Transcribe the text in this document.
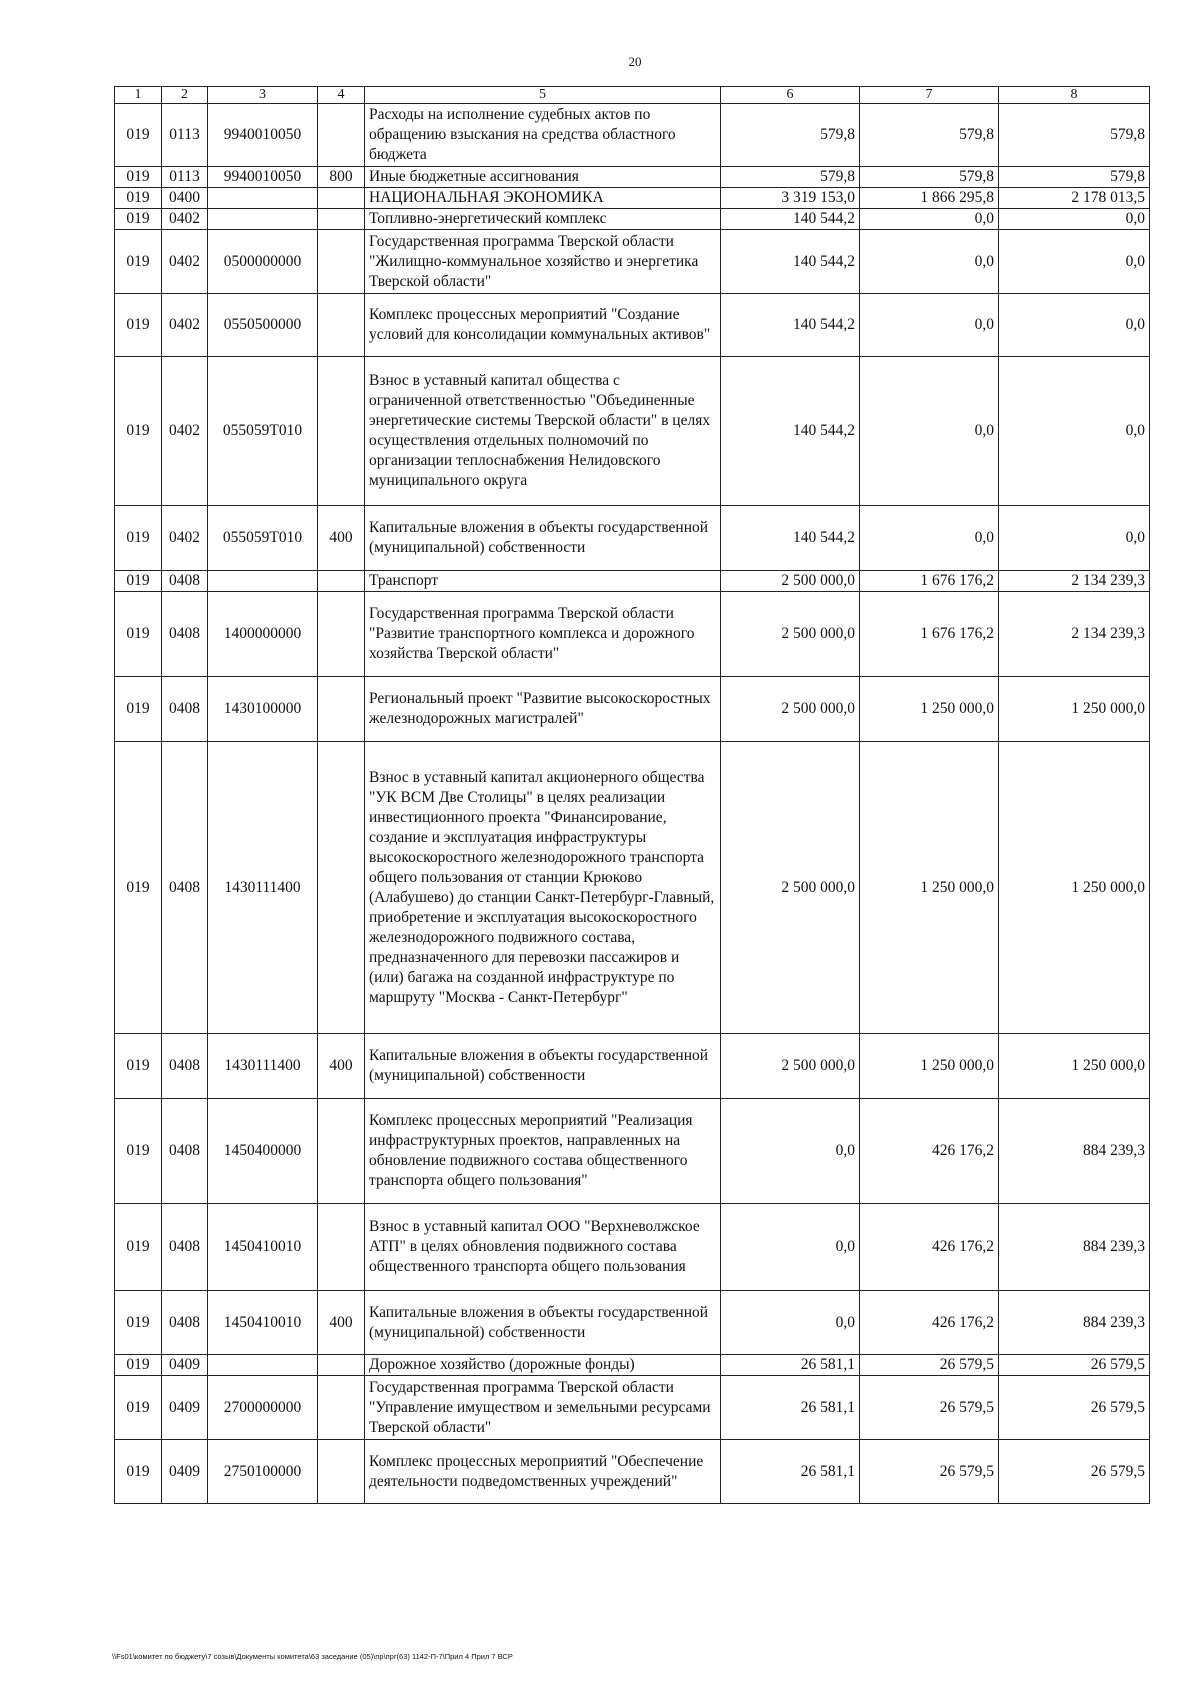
20
1	2	3	4	5	6	7	8
019	0113	9940010050		Расходы на исполнение судебных актов по обращению взыскания на средства областного бюджета	579,8	579,8	579,8
019	0113	9940010050	800	Иные бюджетные ассигнования	579,8	579,8	579,8
019	0400			НАЦИОНАЛЬНАЯ ЭКОНОМИКА	3 319 153,0	1 866 295,8	2 178 013,5
019	0402			Топливно-энергетический комплекс	140 544,2	0,0	0,0
019	0402	0500000000		Государственная программа Тверской области "Жилищно-коммунальное хозяйство и энергетика Тверской области"	140 544,2	0,0	0,0
019	0402	0550500000		Комплекс процессных мероприятий "Создание условий для консолидации коммунальных активов"	140 544,2	0,0	0,0
019	0402	055059Т010		Взнос в уставный капитал общества с ограниченной ответственностью "Объединенные энергетические системы Тверской области" в целях осуществления отдельных полномочий по организации теплоснабжения Нелидовского муниципального округа	140 544,2	0,0	0,0
019	0402	055059Т010	400	Капитальные вложения в объекты государственной (муниципальной) собственности	140 544,2	0,0	0,0
019	0408			Транспорт	2 500 000,0	1 676 176,2	2 134 239,3
019	0408	1400000000		Государственная программа Тверской области "Развитие транспортного комплекса и дорожного хозяйства Тверской области"	2 500 000,0	1 676 176,2	2 134 239,3
019	0408	1430100000		Региональный проект "Развитие высокоскоростных железнодорожных магистралей"	2 500 000,0	1 250 000,0	1 250 000,0
019	0408	1430111400		Взнос в уставный капитал акционерного общества "УК ВСМ Две Столицы" в целях реализации инвестиционного проекта "Финансирование, создание и эксплуатация инфраструктуры высокоскоростного железнодорожного транспорта общего пользования от станции Крюково (Алабушево) до станции Санкт-Петербург-Главный, приобретение и эксплуатация высокоскоростного железнодорожного подвижного состава, предназначенного для перевозки пассажиров и (или) багажа на созданной инфраструктуре по маршруту "Москва - Санкт-Петербург"	2 500 000,0	1 250 000,0	1 250 000,0
019	0408	1430111400	400	Капитальные вложения в объекты государственной (муниципальной) собственности	2 500 000,0	1 250 000,0	1 250 000,0
019	0408	1450400000		Комплекс процессных мероприятий "Реализация инфраструктурных проектов, направленных на обновление подвижного состава общественного транспорта общего пользования"	0,0	426 176,2	884 239,3
019	0408	1450410010		Взнос в уставный капитал ООО "Верхневолжское АТП" в целях обновления подвижного состава общественного транспорта общего пользования	0,0	426 176,2	884 239,3
019	0408	1450410010	400	Капитальные вложения в объекты государственной (муниципальной) собственности	0,0	426 176,2	884 239,3
019	0409			Дорожное хозяйство (дорожные фонды)	26 581,1	26 579,5	26 579,5
019	0409	2700000000		Государственная программа Тверской области "Управление имуществом и земельными ресурсами Тверской области"	26 581,1	26 579,5	26 579,5
019	0409	2750100000		Комплекс процессных мероприятий "Обеспечение деятельности подведомственных учреждений"	26 581,1	26 579,5	26 579,5
\\Fs01\комитет по бюджету\7 созыв\Документы комитета\63 заседание (05)\пр\прг(63) 1142-П-7\Прил 4 Прил 7 ВСР
